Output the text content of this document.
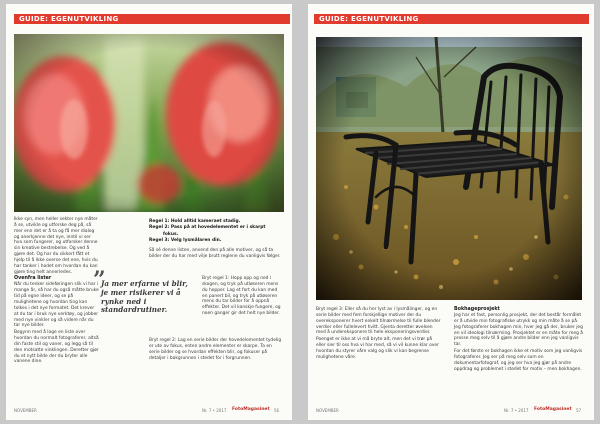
GUIDE: EGENUTVIKLING

Ikke syn, men heller sekter nye måter å se, utvikle og utforske deg på, så mer enn det er å ta og få mer dialog og anerkjenne det nye, inntil vi ser hva som fungerer, og utforsker denne sin kreative bestrebelse. Og ved å gjøre det. Og har du sikkert fått et hjelp til å ikke overse det ene, hvis du har tanker i hodet om hvordan du kan gjøre ting helt annerledes.

Ovenfra lister

Når du tenker sideføringen slik vi har i mange år, så har du også måtte bruke tid på egne ideer, og se på mulighetene og hvordan ting kan tolkes i det nye formatet. Det krever at du tar i bruk nye verktøy, og jobber med nye vinkler og så videre når du tar nye bilder.

Begynn med å lage en liste over hvordan du normalt fotograferer, altså din faste stil og vaner, og legg så til den motsatte vinklingen. Deretter gjør du et nytt bilde der du bryter alle vanene dine.

”
Ja mer erfarne vi blir, je mer risikerer vi å rynke ned i standardrutiner.
Regel 1: Hold alltid kameraet stadig.
Regel 2: Pass på at hovedelementet er i skarpt
fokus.
Regel 3: Velg lysmålaren din.

Så sé denne listen, anvend den på alle motiver, og så ta bilder der du har med vilje brutt reglene du vanligvis følger.

Bryt regel 1: Hopp opp og ned i skogen, og tryk på utløseren mens du hopper. Lag et fort du kan med en panert bil, og tryk på utløseren mens du tar bilder for å oppnå effekter. Det vil kanskje fungere, og noen ganger gir det helt nye bilder.

Bryt regel 2: Lag en serie bilder der hovedelementet tydelig er ute av fokus, enten andre elementer er skarpe. Ta en serie bilder og se hvordan effekten blir, og fokuser på detaljer i bakgrunnen i stedet for i forgrunnen.

NOVEMBER	Nr. 7 • 2017 FotoMagasinet 56
GUIDE: EGENUTVIKLING

Bryt regel 3: Eller så du her lyst av i lysmålinger, og en serie bilder med fem forskjellige motiver der du overeksponerer hvert enkelt tilnærmelse til fulle blender verdier eller fullelevert hvitt. Gjenta deretter øvelsen med å undereksponere til hele eksponeringsverdier.

Poenget er ikke at vi må bryte alt, men det vi trør på eller sier til oss hva vi har med, så vi vil kunne klar over hvordan du styrer våre valg og slik vi kan begrense mulighetene våre.

Bokhageprosjekt

Jeg har et fast, personlig prosjekt, der det består formålet er å utvide min fotografiske utrykk og min måte å se på. Jeg fotograferer bokhagen min, hver jeg gå der, bruker jeg en vil ideologi tilnærming. Prosjektet er en måte for meg å prosse meg selv til å gjøre andre bilder enn jeg vanligvis tar.

For det første er bokhagen ikke et motiv som jeg vanligvis fotograferer. Jeg ser på meg selv som en dokumentarfotograf, og jeg ser hva jeg gjør på andre oppdrag og problemet i stedet for motiv – men bokhagen.

NOVEMBER	Nr. 7 • 2017 FotoMagasinet 57
